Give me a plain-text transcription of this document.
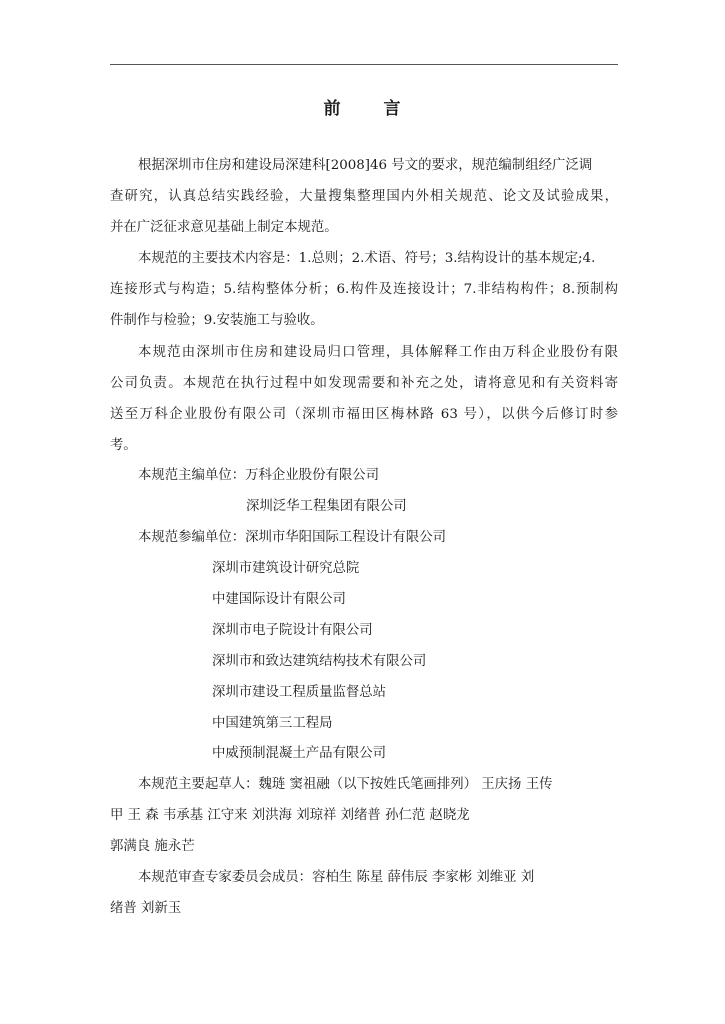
前 言
根据深圳市住房和建设局深建科[2008]46 号文的要求，规范编制组经广泛调
查研究，认真总结实践经验，大量搜集整理国内外相关规范、论文及试验成果，
并在广泛征求意见基础上制定本规范。
本规范的主要技术内容是：1.总则；2.术语、符号；3.结构设计的基本规定;4.
连接形式与构造；5.结构整体分析；6.构件及连接设计；7.非结构构件；8.预制构
件制作与检验；9.安装施工与验收。
本规范由深圳市住房和建设局归口管理，具体解释工作由万科企业股份有限
公司负责。本规范在执行过程中如发现需要和补充之处，请将意见和有关资料寄
送至万科企业股份有限公司（深圳市福田区梅林路 63 号），以供今后修订时参
考。
本规范主编单位：万科企业股份有限公司
深圳泛华工程集团有限公司
本规范参编单位：深圳市华阳国际工程设计有限公司
深圳市建筑设计研究总院
中建国际设计有限公司
深圳市电子院设计有限公司
深圳市和致达建筑结构技术有限公司
深圳市建设工程质量监督总站
中国建筑第三工程局
中威预制混凝土产品有限公司
本规范主要起草人：魏琏 窦祖融（以下按姓氏笔画排列） 王庆扬 王传
甲 王 森 韦承基 江守来 刘洪海 刘琼祥 刘绪普 孙仁范 赵晓龙
郭满良 施永芒
本规范审查专家委员会成员：容柏生 陈星 薛伟辰 李家彬 刘维亚 刘
绪普 刘新玉
